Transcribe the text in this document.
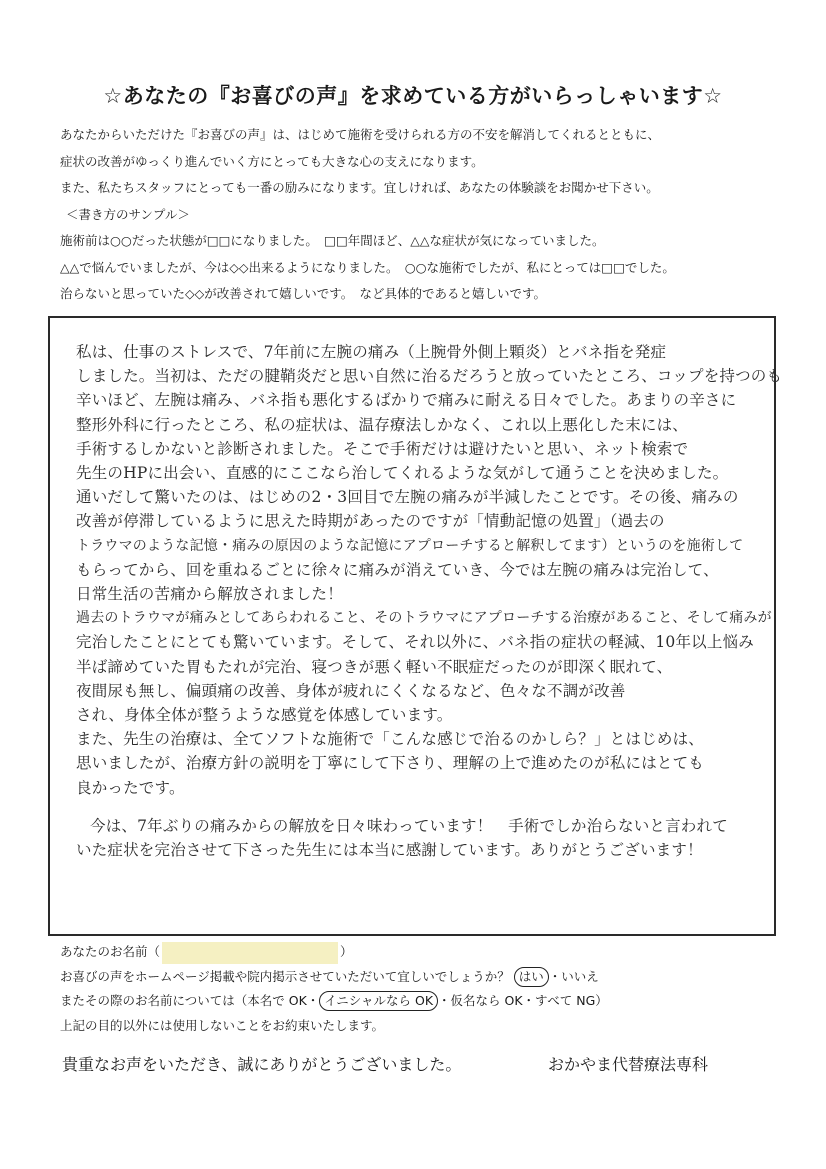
☆あなたの『お喜びの声』を求めている方がいらっしゃいます☆
あなたからいただけた『お喜びの声』は、はじめて施術を受けられる方の不安を解消してくれるとともに、
症状の改善がゆっくり進んでいく方にとっても大きな心の支えになります。
また、私たちスタッフにとっても一番の励みになります。宜しければ、あなたの体験談をお聞かせ下さい。
＜書き方のサンプル＞
施術前は○○だった状態が□□になりました。　□□年間ほど、△△な症状が気になっていました。
△△で悩んでいましたが、今は◇◇出来るようになりました。　○○な施術でしたが、私にとっては□□でした。
治らないと思っていた◇◇が改善されて嬉しいです。　など具体的であると嬉しいです。
私は、仕事のストレスで、7年前に左腕の痛み（上腕骨外側上顆炎）とバネ指を発症
しました。当初は、ただの腱鞘炎だと思い自然に治るだろうと放っていたところ、コップを持つのも
辛いほど、左腕は痛み、バネ指も悪化するばかりで痛みに耐える日々でした。あまりの辛さに
整形外科に行ったところ、私の症状は、温存療法しかなく、これ以上悪化した末には、
手術するしかないと診断されました。そこで手術だけは避けたいと思い、ネット検索で
先生のHPに出会い、直感的にここなら治してくれるような気がして通うことを決めました。
通いだして驚いたのは、はじめの2・3回目で左腕の痛みが半減したことです。その後、痛みの
改善が停滞しているように思えた時期があったのですが「情動記憶の処置」（過去の
トラウマのような記憶・痛みの原因のような記憶にアプローチすると解釈してます）というのを施術して
もらってから、回を重ねるごとに徐々に痛みが消えていき、今では左腕の痛みは完治して、
日常生活の苦痛から解放されました！
過去のトラウマが痛みとしてあらわれること、そのトラウマにアプローチする治療があること、そして痛みが
完治したことにとても驚いています。そして、それ以外に、バネ指の症状の軽減、10年以上悩み
半ば諦めていた胃もたれが完治、寝つきが悪く軽い不眠症だったのが即深く眠れて、
夜間尿も無し、偏頭痛の改善、身体が疲れにくくなるなど、色々な不調が改善
され、身体全体が整うような感覚を体感しています。
また、先生の治療は、全てソフトな施術で「こんな感じで治るのかしら？」とはじめは、
思いましたが、治療方針の説明を丁寧にして下さり、理解の上で進めたのが私にはとても
良かったです。
今は、7年ぶりの痛みからの解放を日々味わっています！　手術でしか治らないと言われて
いた症状を完治させて下さった先生には本当に感謝しています。ありがとうございます！
あなたのお名前（	）
お喜びの声をホームページ掲載や院内掲示させていただいて宜しいでしょうか？ はい ・いいえ
またその際のお名前については（本名で OK・ イニシャルなら OK ・仮名なら OK・すべて NG）
上記の目的以外には使用しないことをお約束いたします。
貴重なお声をいただき、誠にありがとうございました。	おかやま代替療法専科
